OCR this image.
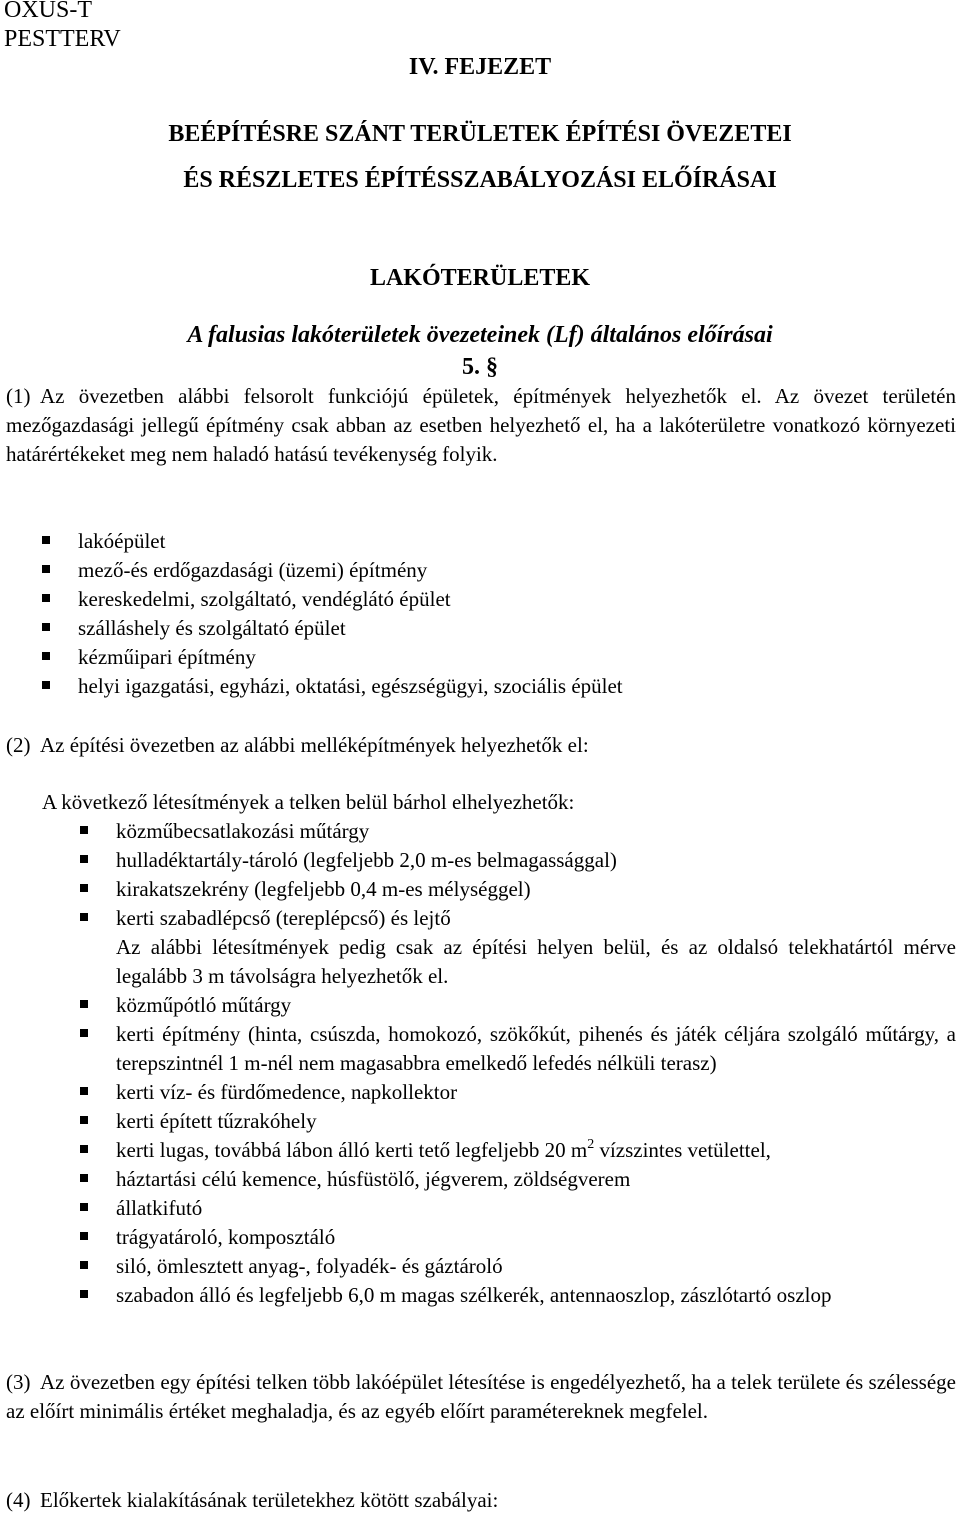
OXUS-T
PESTTERV
IV. FEJEZET
BEÉPÍTÉSRE SZÁNT TERÜLETEK ÉPÍTÉSI ÖVEZETEI
ÉS RÉSZLETES ÉPÍTÉSSZABÁLYOZÁSI ELŐÍRÁSAI
LAKÓTERÜLETEK
A falusias lakóterületek övezeteinek (Lf) általános előírásai
5. §
(1) Az övezetben alábbi felsorolt funkciójú épületek, építmények helyezhetők el. Az övezet területén mezőgazdasági jellegű építmény csak abban az esetben helyezhető el, ha a lakóterületre vonatkozó környezeti határértékeket meg nem haladó hatású tevékenység folyik.
lakóépület
mező-és erdőgazdasági (üzemi) építmény
kereskedelmi, szolgáltató, vendéglátó épület
szálláshely és szolgáltató épület
kézműipari építmény
helyi igazgatási, egyházi, oktatási, egészségügyi, szociális épület
(2) Az építési övezetben az alábbi melléképítmények helyezhetők el:
A következő létesítmények a telken belül bárhol elhelyezhetők:
közműbecsatlakozási műtárgy
hulladéktartály-tároló (legfeljebb 2,0 m-es belmagassággal)
kirakatszekrény (legfeljebb 0,4 m-es mélységgel)
kerti szabadlépcső (tereplépcső) és lejtő
Az alábbi létesítmények pedig csak az építési helyen belül, és az oldalsó telekhatártól mérve legalább 3 m távolságra helyezhetők el.
közműpótló műtárgy
kerti építmény (hinta, csúszda, homokozó, szökőkút, pihenés és játék céljára szolgáló műtárgy, a terepszintnél 1 m-nél nem magasabbra emelkedő lefedés nélküli terasz)
kerti víz- és fürdőmedence, napkollektor
kerti épített tűzrakóhely
kerti lugas, továbbá lábon álló kerti tető legfeljebb 20 $m^2$ vízszintes vetülettel,
háztartási célú kemence, húsfüstölő, jégverem, zöldségverem
állatkifutó
trágyatároló, komposztáló
siló, ömlesztett anyag-, folyadék- és gáztároló
szabadon álló és legfeljebb 6,0 m magas szélkerék, antennaoszlop, zászlótartó oszlop
(3) Az övezetben egy építési telken több lakóépület létesítése is engedélyezhető, ha a telek területe és szélessége az előírt minimális értéket meghaladja, és az egyéb előírt paramétereknek megfelel.
(4) Előkertek kialakításának területekhez kötött szabályai:
